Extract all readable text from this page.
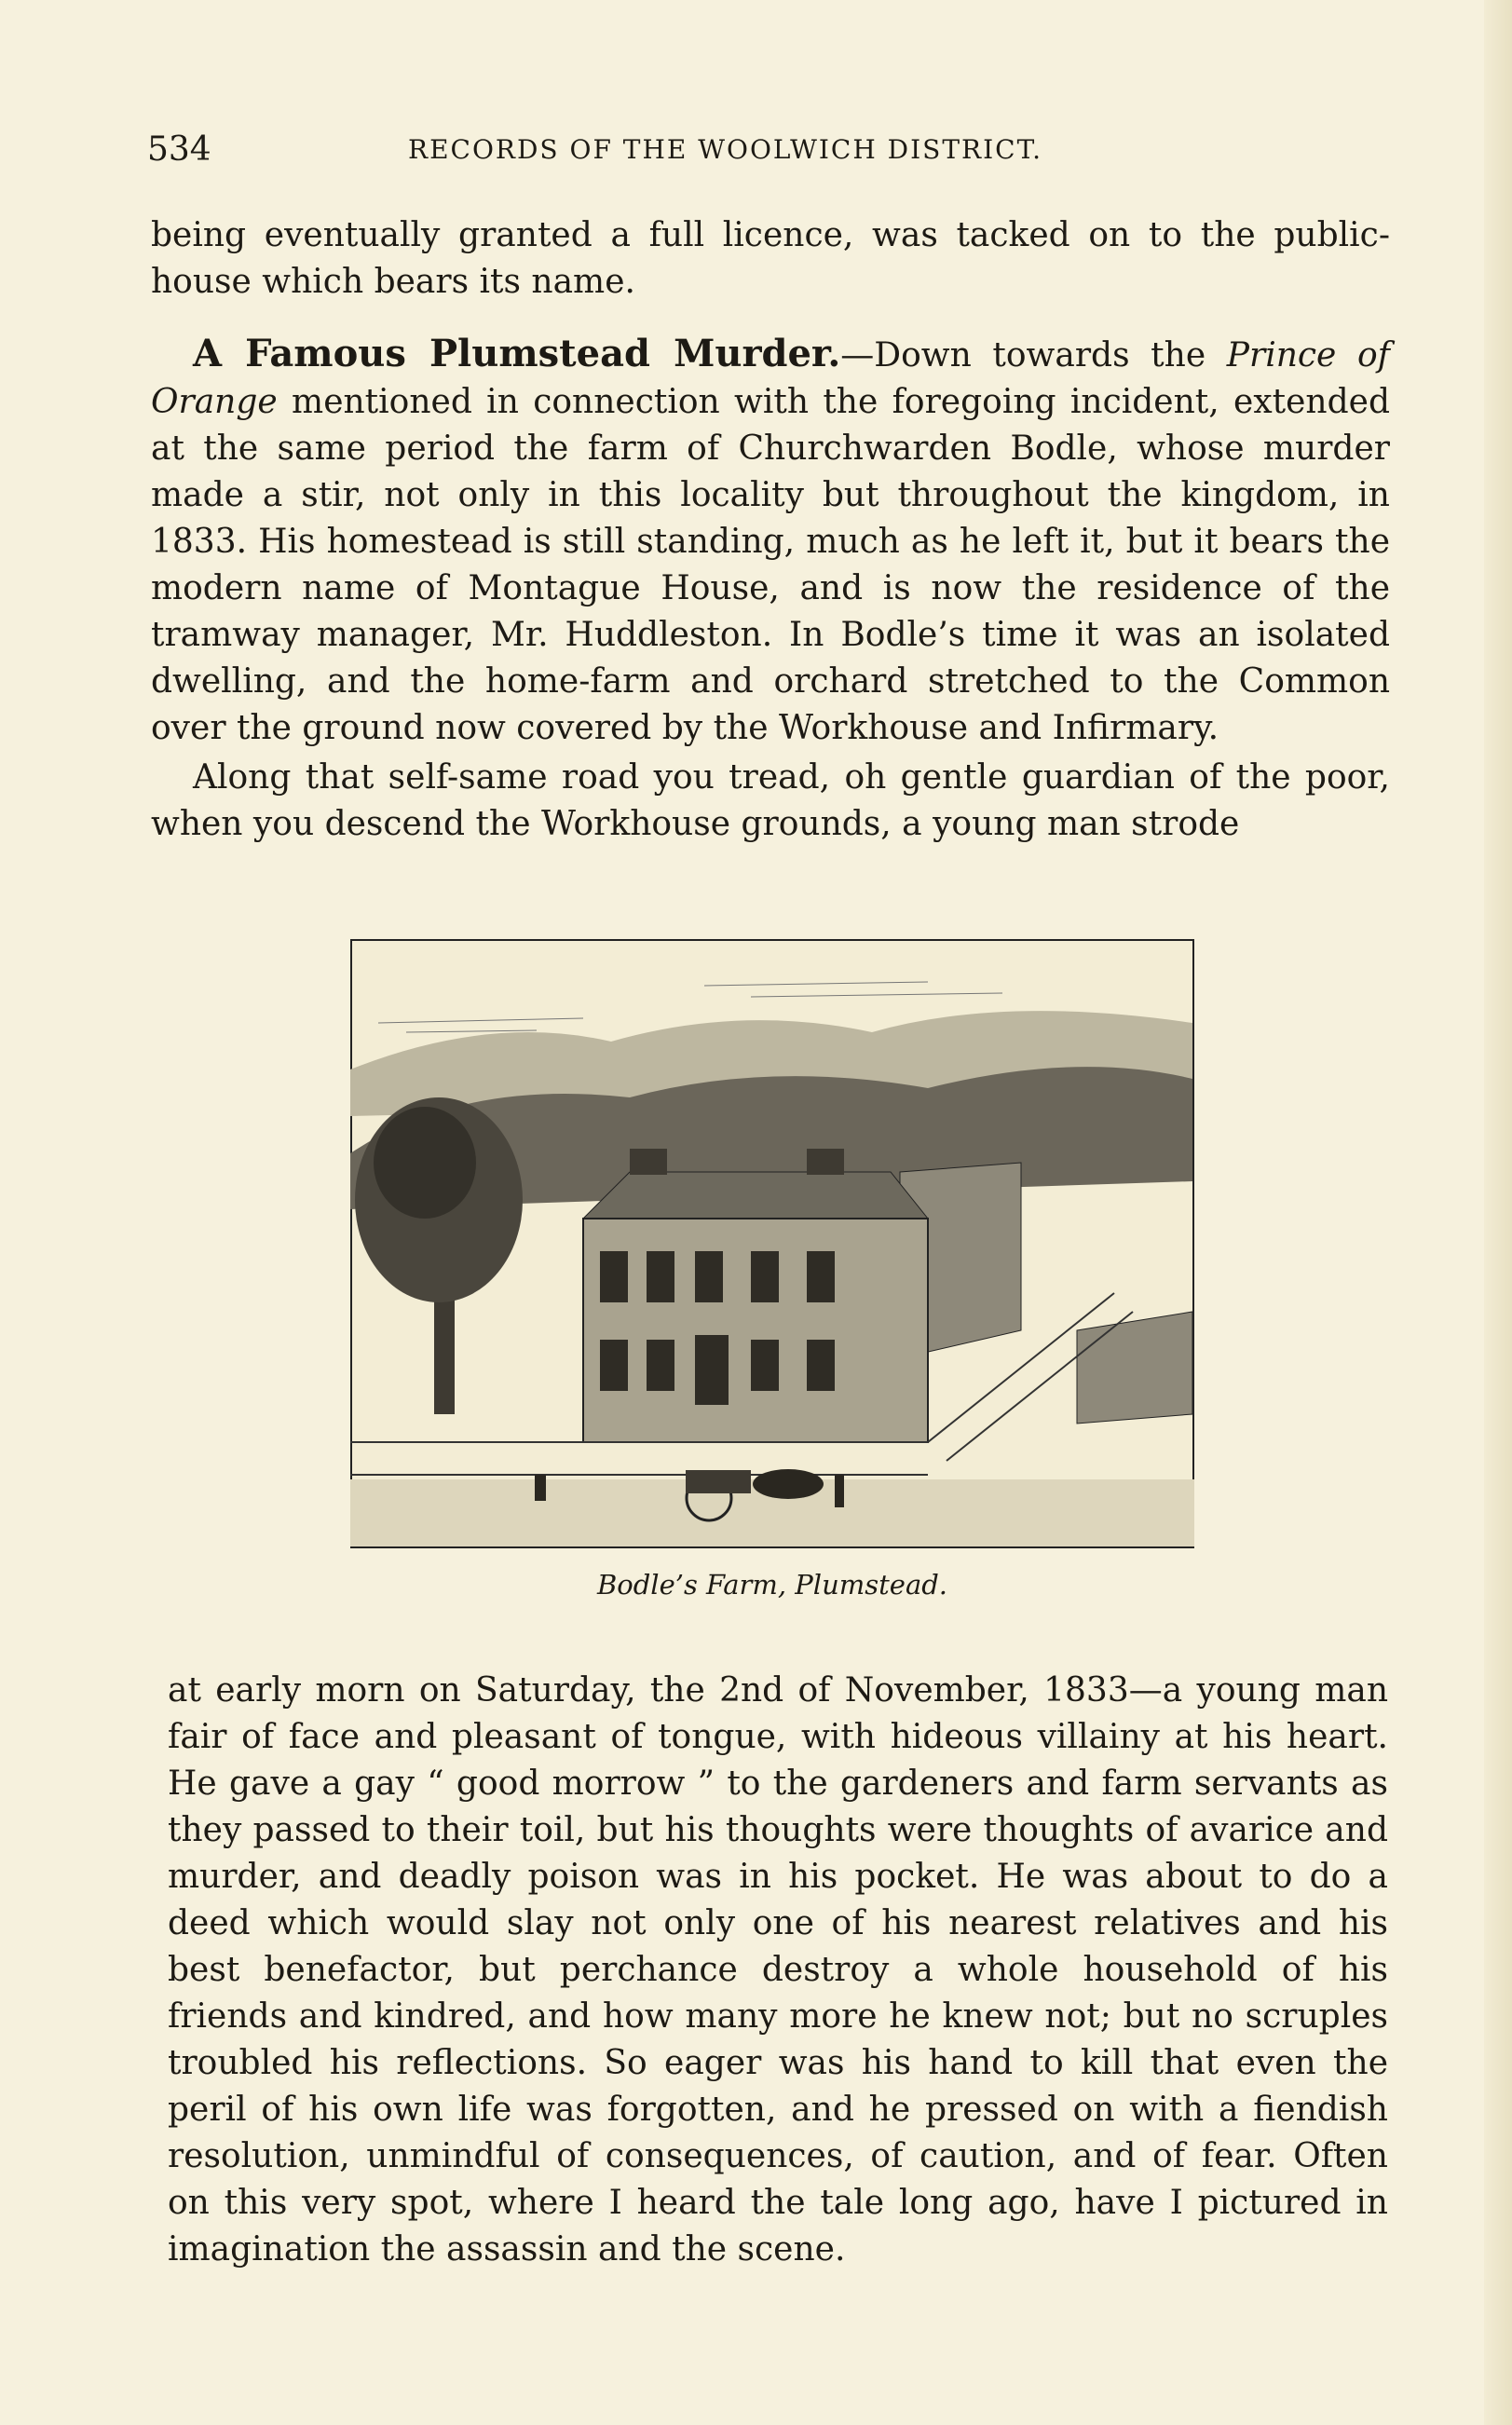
534	RECORDS OF THE WOOLWICH DISTRICT.

being eventually granted a full licence, was tacked on to the public-house which bears its name.

A Famous Plumstead Murder.—Down towards the Prince of Orange mentioned in connection with the foregoing incident, extended at the same period the farm of Churchwarden Bodle, whose murder made a stir, not only in this locality but throughout the kingdom, in 1833. His homestead is still standing, much as he left it, but it bears the modern name of Montague House, and is now the residence of the tramway manager, Mr. Huddleston. In Bodle’s time it was an isolated dwelling, and the home-farm and orchard stretched to the Common over the ground now covered by the Workhouse and Infirmary.

Along that self-same road you tread, oh gentle guardian of the poor, when you descend the Workhouse grounds, a young man strode

Bodle’s Farm, Plumstead.

at early morn on Saturday, the 2nd of November, 1833—a young man fair of face and pleasant of tongue, with hideous villainy at his heart. He gave a gay “ good morrow ” to the gardeners and farm servants as they passed to their toil, but his thoughts were thoughts of avarice and murder, and deadly poison was in his pocket. He was about to do a deed which would slay not only one of his nearest relatives and his best benefactor, but perchance destroy a whole household of his friends and kindred, and how many more he knew not; but no scruples troubled his reflections. So eager was his hand to kill that even the peril of his own life was forgotten, and he pressed on with a fiendish resolution, unmindful of consequences, of caution, and of fear. Often on this very spot, where I heard the tale long ago, have I pictured in imagination the assassin and the scene.
